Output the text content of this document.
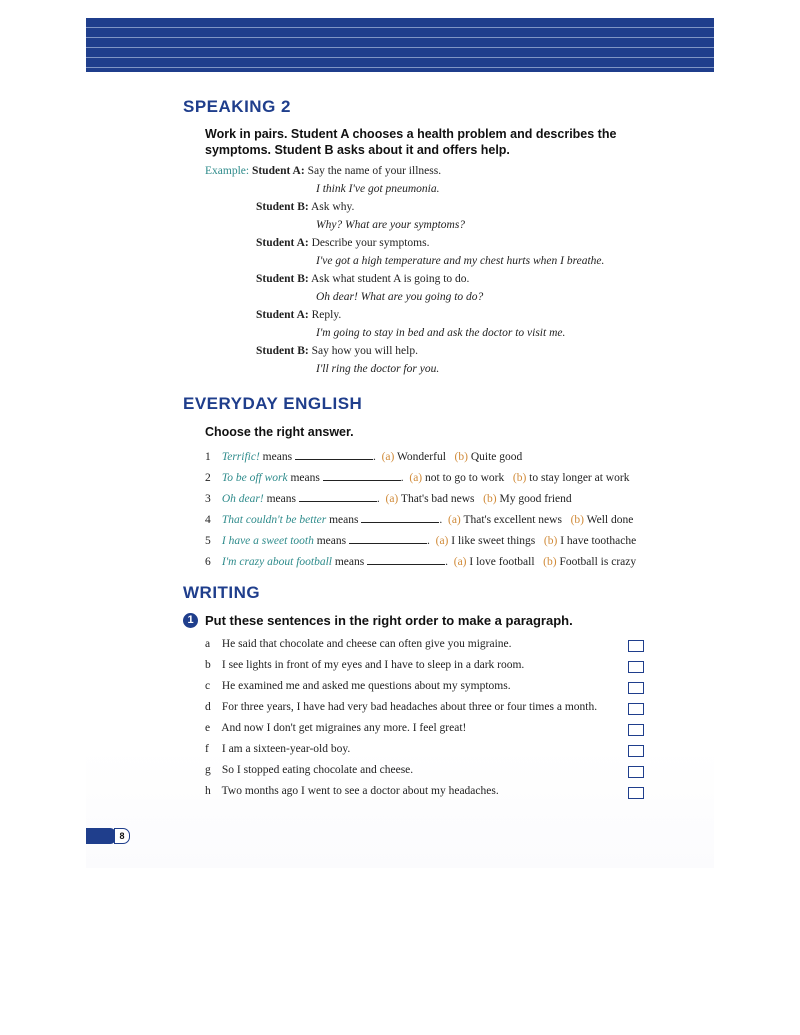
SPEAKING 2

Work in pairs. Student A chooses a health problem and describes the symptoms. Student B asks about it and offers help.

Example: Student A: Say the name of your illness.
I think I've got pneumonia.
Student B: Ask why.
Why? What are your symptoms?
Student A: Describe your symptoms.
I've got a high temperature and my chest hurts when I breathe.
Student B: Ask what student A is going to do.
Oh dear! What are you going to do?
Student A: Reply.
I'm going to stay in bed and ask the doctor to visit me.
Student B: Say how you will help.
I'll ring the doctor for you.
EVERYDAY ENGLISH

Choose the right answer.

1 Terrific! means	.  (a) Wonderful (b) Quite good
2 To be off work means	.  (a) not to go to work (b) to stay longer at work
3 Oh dear! means	.  (a) That's bad news (b) My good friend
4 That couldn't be better means	.  (a) That's excellent news (b) Well done
5 I have a sweet tooth means	.  (a) I like sweet things (b) I have toothache
6 I'm crazy about football means	.  (a) I love football (b) Football is crazy
WRITING
1 Put these sentences in the right order to make a paragraph.

a He said that chocolate and cheese can often give you migraine.
b I see lights in front of my eyes and I have to sleep in a dark room.
c He examined me and asked me questions about my symptoms.
d For three years, I have had very bad headaches about three or four times a month.
e And now I don't get migraines any more. I feel great!
f I am a sixteen-year-old boy.
g So I stopped eating chocolate and cheese.
h Two months ago I went to see a doctor about my headaches.
8
